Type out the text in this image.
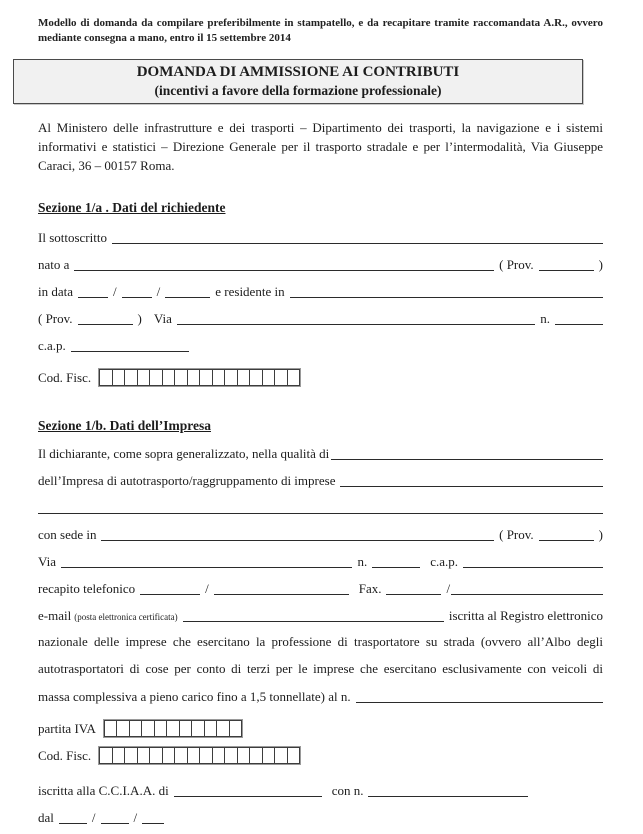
Modello di domanda da compilare preferibilmente in stampatello, e da recapitare tramite raccomandata A.R., ovvero mediante consegna a mano, entro il 15 settembre 2014
DOMANDA DI AMMISSIONE AI CONTRIBUTI
(incentivi a favore della formazione professionale)
Al Ministero delle infrastrutture e dei trasporti – Dipartimento dei trasporti, la navigazione e i sistemi informativi e statistici – Direzione Generale per il trasporto stradale e per l’intermodalità, Via Giuseppe Caraci, 36 – 00157 Roma.
Sezione 1/a . Dati del richiedente
Il sottoscritto
nato a	( Prov.	)
in data	/	/	e residente in
( Prov.	) Via	n.
c.a.p.
Cod. Fisc.
Sezione 1/b. Dati dell’Impresa
Il dichiarante, come sopra generalizzato, nella qualità di
dell’Impresa di autotrasporto/raggruppamento di imprese
con sede in	( Prov.	)
Via	n.	c.a.p.
recapito telefonico	/	Fax.	/
e-mail (posta elettronica certificata)	iscritta al Registro elettronico
nazionale delle imprese che esercitano la professione di trasportatore su strada (ovvero all’Albo degli
autotrasportatori di cose per conto di terzi per le imprese che esercitano esclusivamente con veicoli di
massa complessiva a pieno carico fino a 1,5 tonnellate) al n.
partita IVA
Cod. Fisc.
iscritta alla C.C.I.A.A. di	con n.
dal	/	/
